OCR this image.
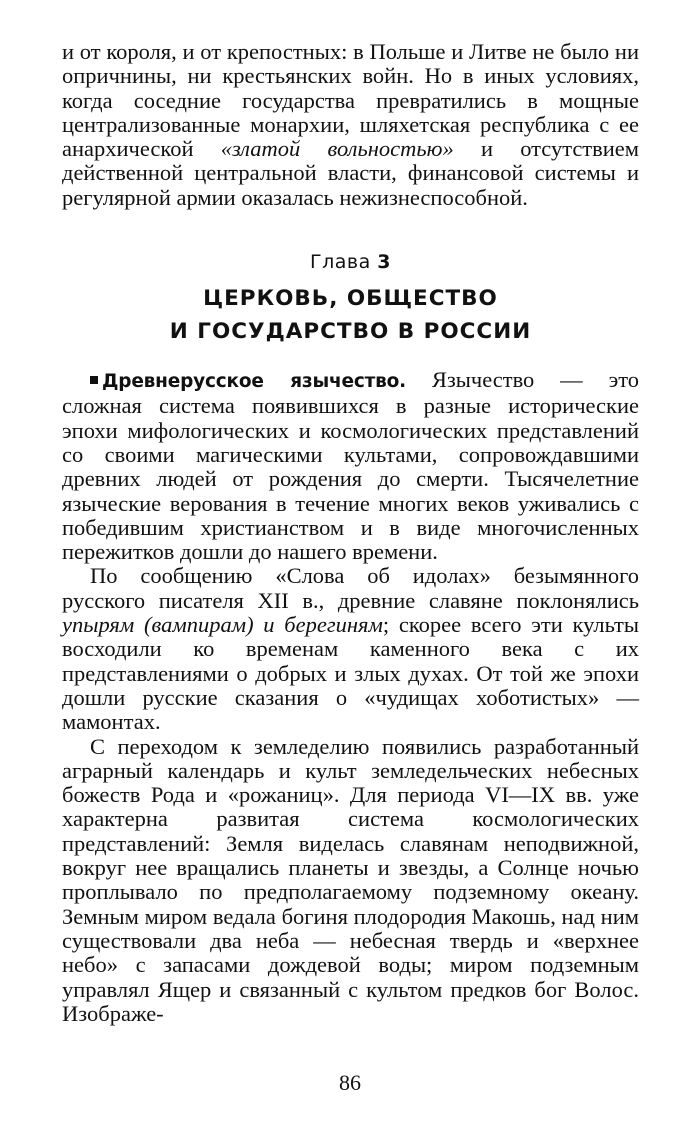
и от короля, и от крепостных: в Польше и Литве не было ни опричнины, ни крестьянских войн. Но в иных условиях, когда соседние государства превратились в мощные централизованные монархии, шляхетская республика с ее анархической «златой вольностью» и отсутствием действенной центральной власти, финансовой системы и регулярной армии оказалась нежизнеспособной.

Глава 3
ЦЕРКОВЬ, ОБЩЕСТВО
И ГОСУДАРСТВО В РОССИИ

Древнерусское язычество. Язычество — это сложная система появившихся в разные исторические эпохи мифологических и космологических представлений со своими магическими культами, сопровождавшими древних людей от рождения до смерти. Тысячелетние языческие верования в течение многих веков уживались с победившим христианством и в виде многочисленных пережитков дошли до нашего времени.

По сообщению «Слова об идолах» безымянного русского писателя XII в., древние славяне поклонялись упырям (вампирам) и берегиням; скорее всего эти культы восходили ко временам каменного века с их представлениями о добрых и злых духах. От той же эпохи дошли русские сказания о «чудищах хоботистых» — мамонтах.

С переходом к земледелию появились разработанный аграрный календарь и культ земледельческих небесных божеств Рода и «рожаниц». Для периода VI—IX вв. уже характерна развитая система космологических представлений: Земля виделась славянам неподвижной, вокруг нее вращались планеты и звезды, а Солнце ночью проплывало по предполагаемому подземному океану. Земным миром ведала богиня плодородия Макошь, над ним существовали два неба — небесная твердь и «верхнее небо» с запасами дождевой воды; миром подземным управлял Ящер и связанный с культом предков бог Волос. Изображе-

86
